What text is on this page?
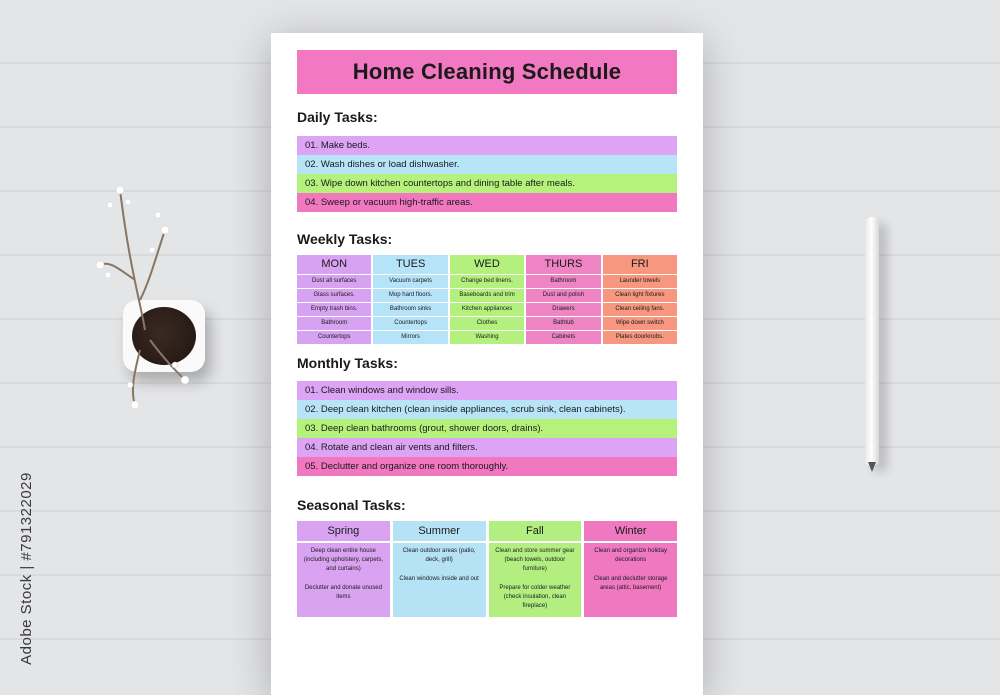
Adobe Stock | #791322029
Home Cleaning Schedule
Daily Tasks:
01. Make beds.
02. Wash dishes or load dishwasher.
03. Wipe down kitchen countertops and dining table after meals.
04. Sweep or vacuum high-traffic areas.
Weekly Tasks:
MON
Dust all surfaces
Glass surfaces.
Empty trash bins.
Bathroom
Countertops
TUES
Vacuum carpets
Mop hard floors.
Bathroom sinks
Countertops
Mirrors
WED
Change bed linens.
Baseboards and trim
Kitchen appliances
Clothes
Washing
THURS
Bathroom
Dust and polish
Drawers
Bathtub
Cabinets
FRI
Launder towels
Clean light fixtures
Clean ceiling fans.
Wipe down switch
Plates doorknobs.
Monthly Tasks:
01. Clean windows and window sills.
02. Deep clean kitchen (clean inside appliances, scrub sink, clean cabinets).
03. Deep clean bathrooms (grout, shower doors, drains).
04. Rotate and clean air vents and filters.
05. Declutter and organize one room thoroughly.
Seasonal Tasks:
Spring
Deep clean entire house (including upholstery, carpets, and curtains)
Declutter and donate unused items
Summer
Clean outdoor areas (patio, deck, grill)
Clean windows inside and out
Fall
Clean and store summer gear (beach towels, outdoor furniture)
Prepare for colder weather (check insulation, clean fireplace)
Winter
Clean and organize holiday decorations
Clean and declutter storage areas (attic, basement)
